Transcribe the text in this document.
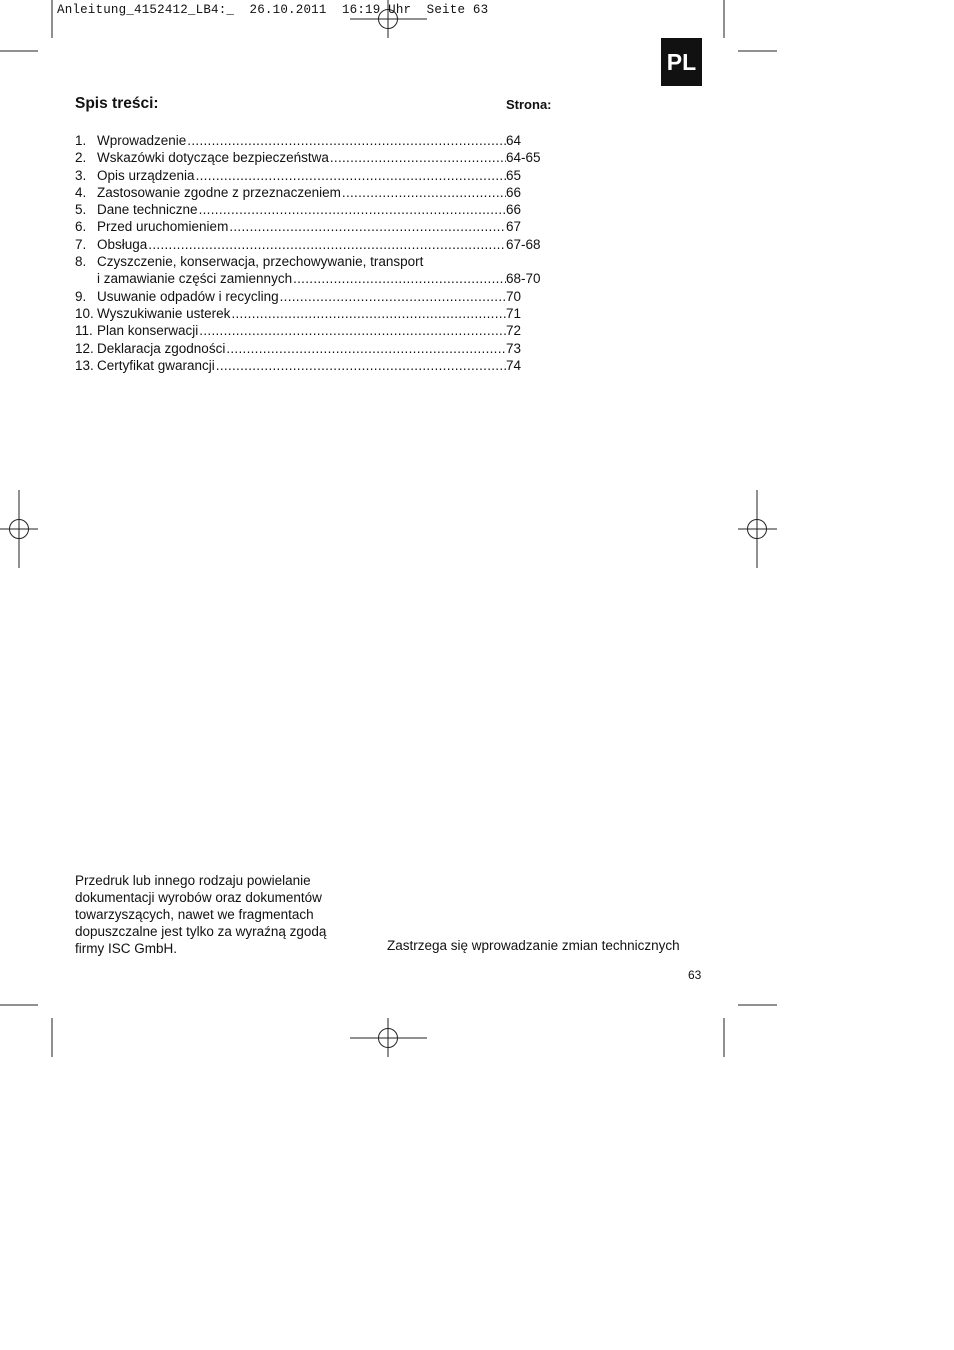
Anleitung_4152412_LB4:_  26.10.2011  16:19 Uhr  Seite 63
PL
Spis treści:	Strona:
1. Wprowadzenie .....	64
2. Wskazówki dotyczące bezpieczeństwa .....	64-65
3. Opis urządzenia .....	65
4. Zastosowanie zgodne z przeznaczeniem .....	66
5. Dane techniczne .....	66
6. Przed uruchomieniem .....	67
7. Obsługa .....	67-68
8. Czyszczenie, konserwacja, przechowywanie, transport
i zamawianie części zamiennych .....	68-70
9. Usuwanie odpadów i recycling .....	70
10. Wyszukiwanie usterek .....	71
11. Plan konserwacji .....	72
12. Deklaracja zgodności .....	73
13. Certyfikat gwarancji .....	74
Przedruk lub innego rodzaju powielanie
dokumentacji wyrobów oraz dokumentów
towarzyszących, nawet we fragmentach
dopuszczalne jest tylko za wyraźną zgodą
firmy ISC GmbH.	Zastrzega się wprowadzanie zmian technicznych
63
